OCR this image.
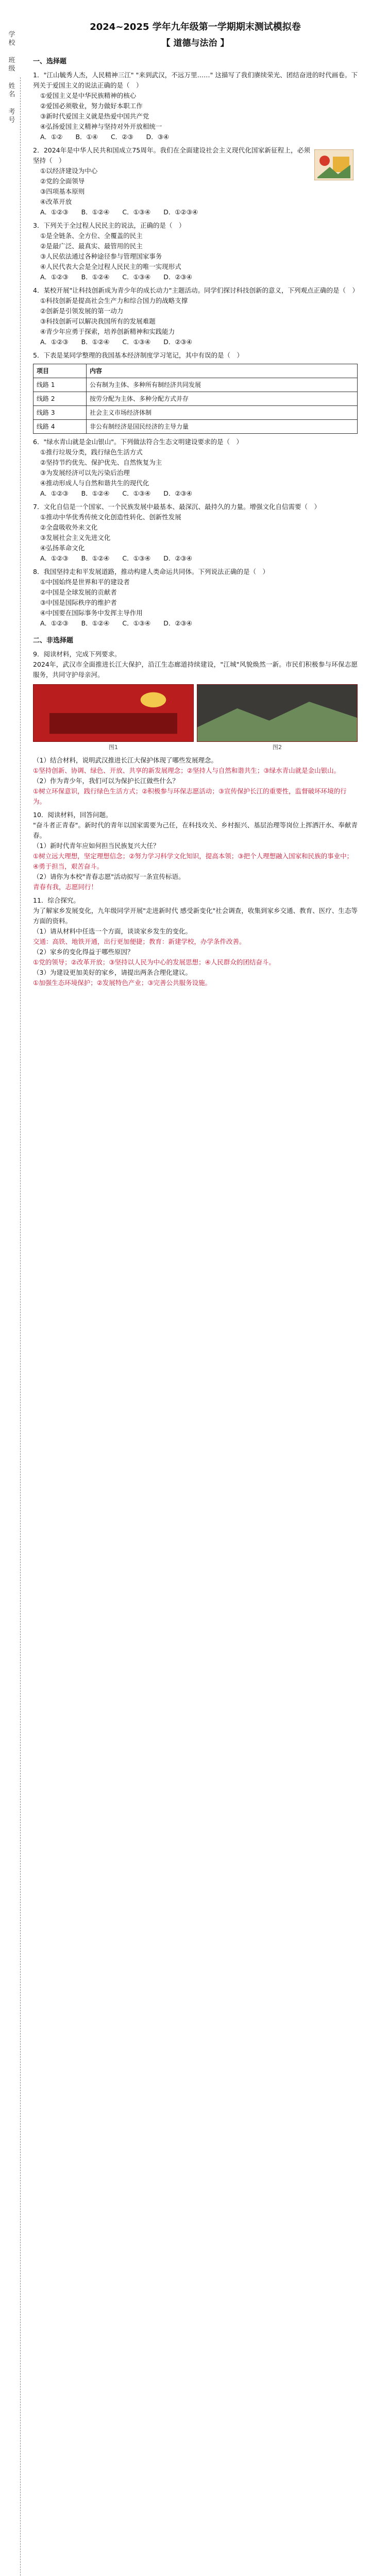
学校
班级
姓名
考号
2024~2025 学年九年级第一学期期末测试模拟卷
【 道德与法治 】
一、选择题

1．"江山毓秀人杰，人民精神三江" "来到武汉，不远万里……" 这描写了我们赓续荣光、团结奋进的时代画卷。下列关于爱国主义的说法正确的是（　）

①爱国主义是中华民族精神的核心

②爱国必须敬业，努力做好本职工作

③新时代爱国主义就是热爱中国共产党

④弘扬爱国主义精神与坚持对外开放相统一

A．①②　　B．①④　　C．②③　　D．③④

2．2024年是中华人民共和国成立75周年。我们在全面建设社会主义现代化国家新征程上，必须坚持（　）

①以经济建设为中心

②党的全面领导

③四项基本原则

④改革开放

A．①②③　　B．①②④　　C．①③④　　D．①②③④

3．下列关于全过程人民民主的说法，正确的是（　）

①是全链条、全方位、全覆盖的民主

②是最广泛、最真实、最管用的民主

③人民依法通过各种途径参与管理国家事务

④人民代表大会是全过程人民民主的唯一实现形式

A．①②③　　B．①②④　　C．①③④　　D．②③④

4．某校开展"让科技创新成为青少年的成长动力"主题活动。同学们探讨科技创新的意义，下列观点正确的是（　）

①科技创新是提高社会生产力和综合国力的战略支撑

②创新是引领发展的第一动力

③科技创新可以解决我国所有的发展难题

④青少年应勇于探索，培养创新精神和实践能力

A．①②③　　B．①②④　　C．①③④　　D．②③④

5．下表是某同学整理的我国基本经济制度学习笔记，其中有误的是（　）

项目	内容
线路 1	公有制为主体、多种所有制经济共同发展
线路 2	按劳分配为主体、多种分配方式并存
线路 3	社会主义市场经济体制
线路 4	非公有制经济是国民经济的主导力量

6．"绿水青山就是金山银山"。下列做法符合生态文明建设要求的是（　）

①推行垃圾分类，践行绿色生活方式

②坚持节约优先、保护优先、自然恢复为主

③为发展经济可以先污染后治理

④推动形成人与自然和谐共生的现代化

A．①②③　　B．①②④　　C．①③④　　D．②③④

7．文化自信是一个国家、一个民族发展中最基本、最深沉、最持久的力量。增强文化自信需要（　）

①推动中华优秀传统文化创造性转化、创新性发展

②全盘吸收外来文化

③发展社会主义先进文化

④弘扬革命文化

A．①②③　　B．①②④　　C．①③④　　D．②③④

8．我国坚持走和平发展道路，推动构建人类命运共同体。下列说法正确的是（　）

①中国始终是世界和平的建设者

②中国是全球发展的贡献者

③中国是国际秩序的维护者

④中国要在国际事务中发挥主导作用

A．①②③　　B．①②④　　C．①③④　　D．②③④

二、非选择题

9．阅读材料，完成下列要求。

2024年，武汉市全面推进长江大保护，沿江生态廊道持续建设，"江城"风貌焕然一新。市民们积极参与环保志愿服务，共同守护母亲河。

图1	图2

（1）结合材料，说明武汉推进长江大保护体现了哪些发展理念。

①坚持创新、协调、绿色、开放、共享的新发展理念；②坚持人与自然和谐共生；③绿水青山就是金山银山。

（2）作为青少年，我们可以为保护长江做些什么？

①树立环保意识，践行绿色生活方式；②积极参与环保志愿活动；③宣传保护长江的重要性，监督破坏环境的行为。

10．阅读材料，回答问题。

"奋斗者正青春"。新时代的青年以国家需要为己任，在科技攻关、乡村振兴、基层治理等岗位上挥洒汗水、奉献青春。

（1）新时代青年应如何担当民族复兴大任？

①树立远大理想，坚定理想信念；②努力学习科学文化知识，提高本领；③把个人理想融入国家和民族的事业中；④勇于担当，艰苦奋斗。

（2）请你为本校"青春志愿"活动拟写一条宣传标语。

青春有我，志愿同行！

11．综合探究。

为了解家乡发展变化，九年级同学开展"走进新时代 感受新变化"社会调查，收集到家乡交通、教育、医疗、生态等方面的资料。

（1）请从材料中任选一个方面，谈谈家乡发生的变化。

交通：高铁、地铁开通，出行更加便捷；教育：新建学校，办学条件改善。

（2）家乡的变化得益于哪些原因？

①党的领导；②改革开放；③坚持以人民为中心的发展思想；④人民群众的团结奋斗。

（3）为建设更加美好的家乡，请提出两条合理化建议。

①加强生态环境保护；②发展特色产业；③完善公共服务设施。
